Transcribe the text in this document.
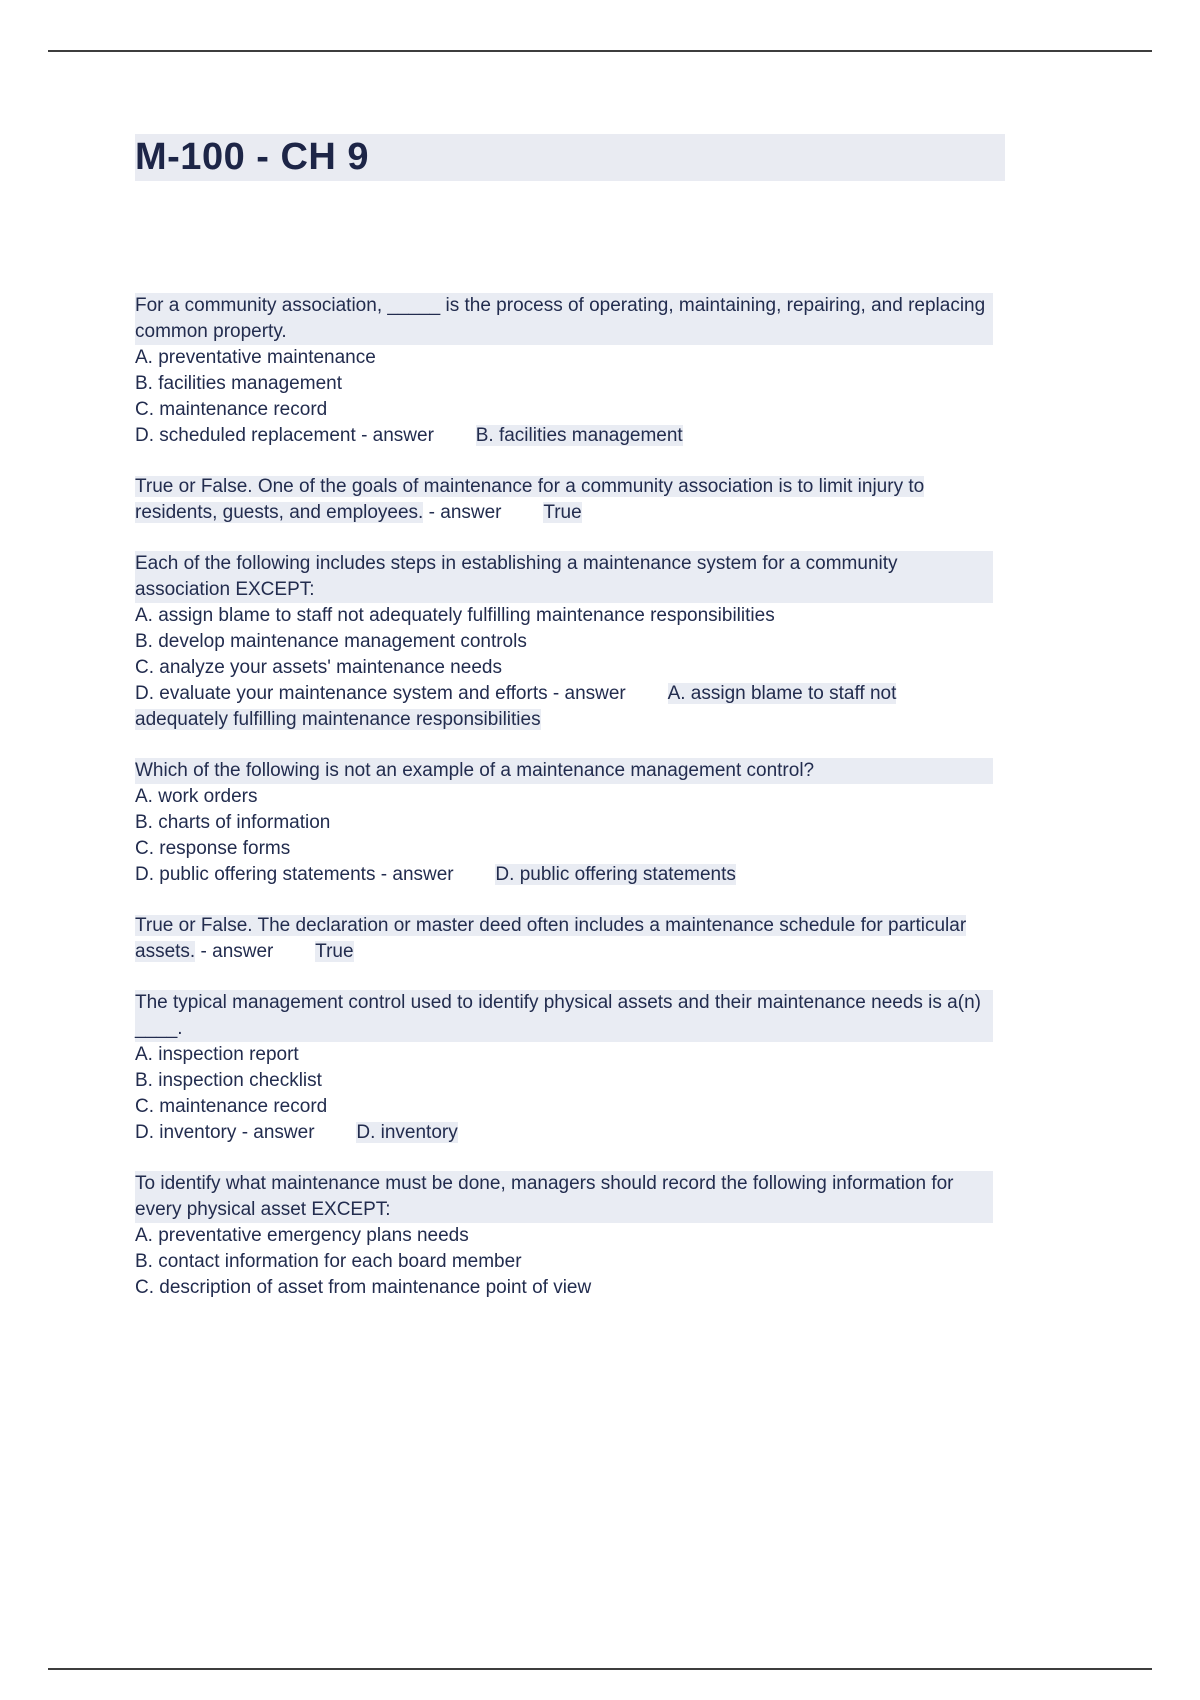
M-100 - CH 9
For a community association, _____ is the process of operating, maintaining, repairing, and replacing common property.
A. preventative maintenance
B. facilities management
C. maintenance record
D. scheduled replacement - answer B. facilities management
True or False. One of the goals of maintenance for a community association is to limit injury to residents, guests, and employees. - answer True
Each of the following includes steps in establishing a maintenance system for a community association EXCEPT:
A. assign blame to staff not adequately fulfilling maintenance responsibilities
B. develop maintenance management controls
C. analyze your assets' maintenance needs
D. evaluate your maintenance system and efforts - answer A. assign blame to staff not adequately fulfilling maintenance responsibilities
Which of the following is not an example of a maintenance management control?
A. work orders
B. charts of information
C. response forms
D. public offering statements - answer D. public offering statements
True or False. The declaration or master deed often includes a maintenance schedule for particular assets. - answer True
The typical management control used to identify physical assets and their maintenance needs is a(n) ____.
A. inspection report
B. inspection checklist
C. maintenance record
D. inventory - answer D. inventory
To identify what maintenance must be done, managers should record the following information for every physical asset EXCEPT:
A. preventative emergency plans needs
B. contact information for each board member
C. description of asset from maintenance point of view
